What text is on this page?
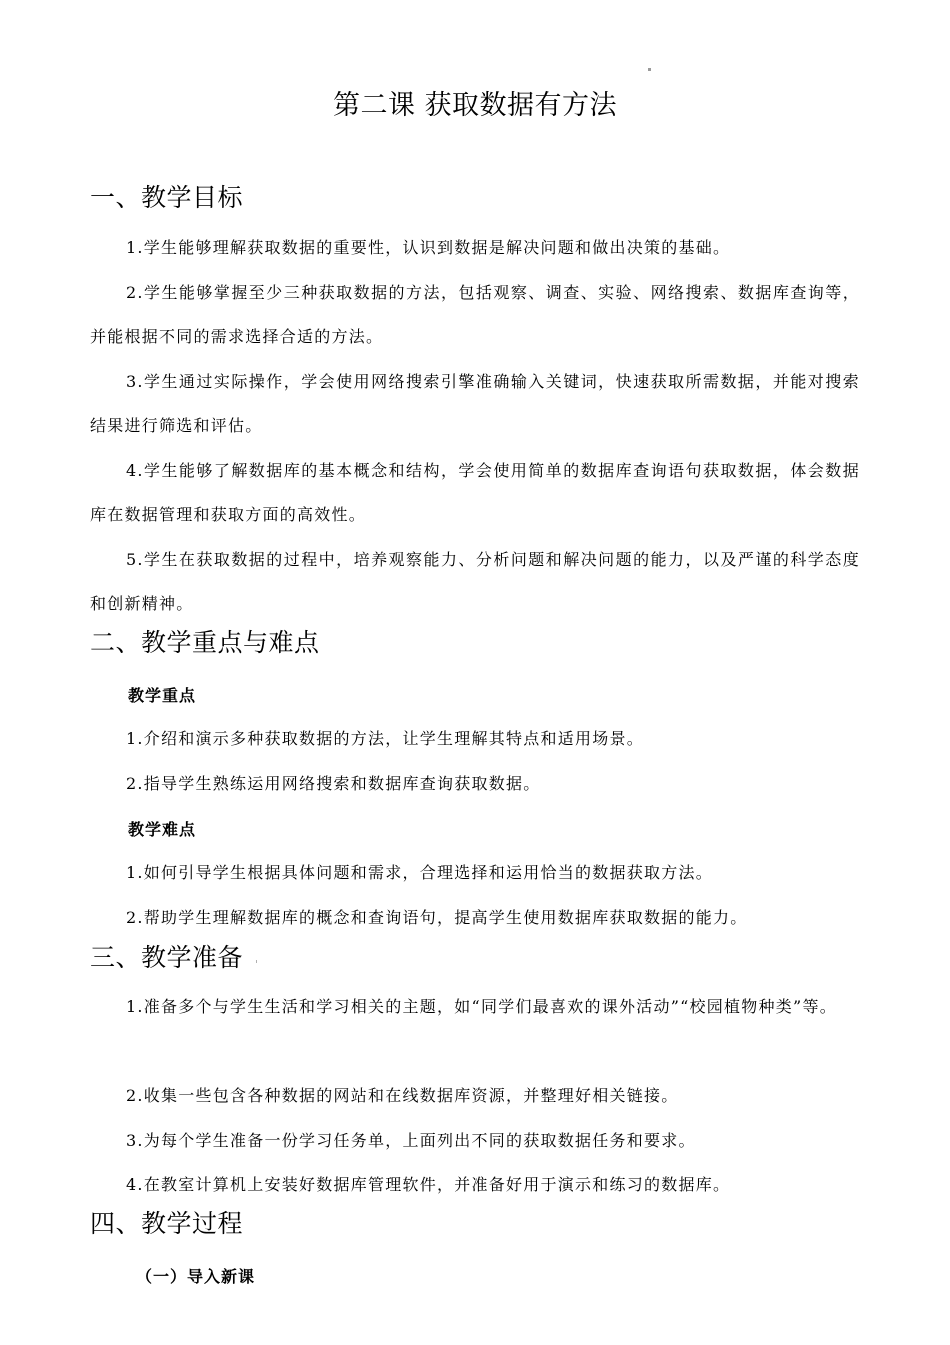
第二课 获取数据有方法
一、教学目标
1.学生能够理解获取数据的重要性，认识到数据是解决问题和做出决策的基础。
2.学生能够掌握至少三种获取数据的方法，包括观察、调查、实验、网络搜索、数据库查询等，并能根据不同的需求选择合适的方法。
3.学生通过实际操作，学会使用网络搜索引擎准确输入关键词，快速获取所需数据，并能对搜索结果进行筛选和评估。
4.学生能够了解数据库的基本概念和结构，学会使用简单的数据库查询语句获取数据，体会数据库在数据管理和获取方面的高效性。
5.学生在获取数据的过程中，培养观察能力、分析问题和解决问题的能力，以及严谨的科学态度和创新精神。
二、教学重点与难点
教学重点
1.介绍和演示多种获取数据的方法，让学生理解其特点和适用场景。
2.指导学生熟练运用网络搜索和数据库查询获取数据。
教学难点
1.如何引导学生根据具体问题和需求，合理选择和运用恰当的数据获取方法。
2.帮助学生理解数据库的概念和查询语句，提高学生使用数据库获取数据的能力。
三、教学准备
1.准备多个与学生生活和学习相关的主题，如“同学们最喜欢的课外活动”“校园植物种类”等。
2.收集一些包含各种数据的网站和在线数据库资源，并整理好相关链接。
3.为每个学生准备一份学习任务单，上面列出不同的获取数据任务和要求。
4.在教室计算机上安装好数据库管理软件，并准备好用于演示和练习的数据库。
四、教学过程
（一）导入新课
